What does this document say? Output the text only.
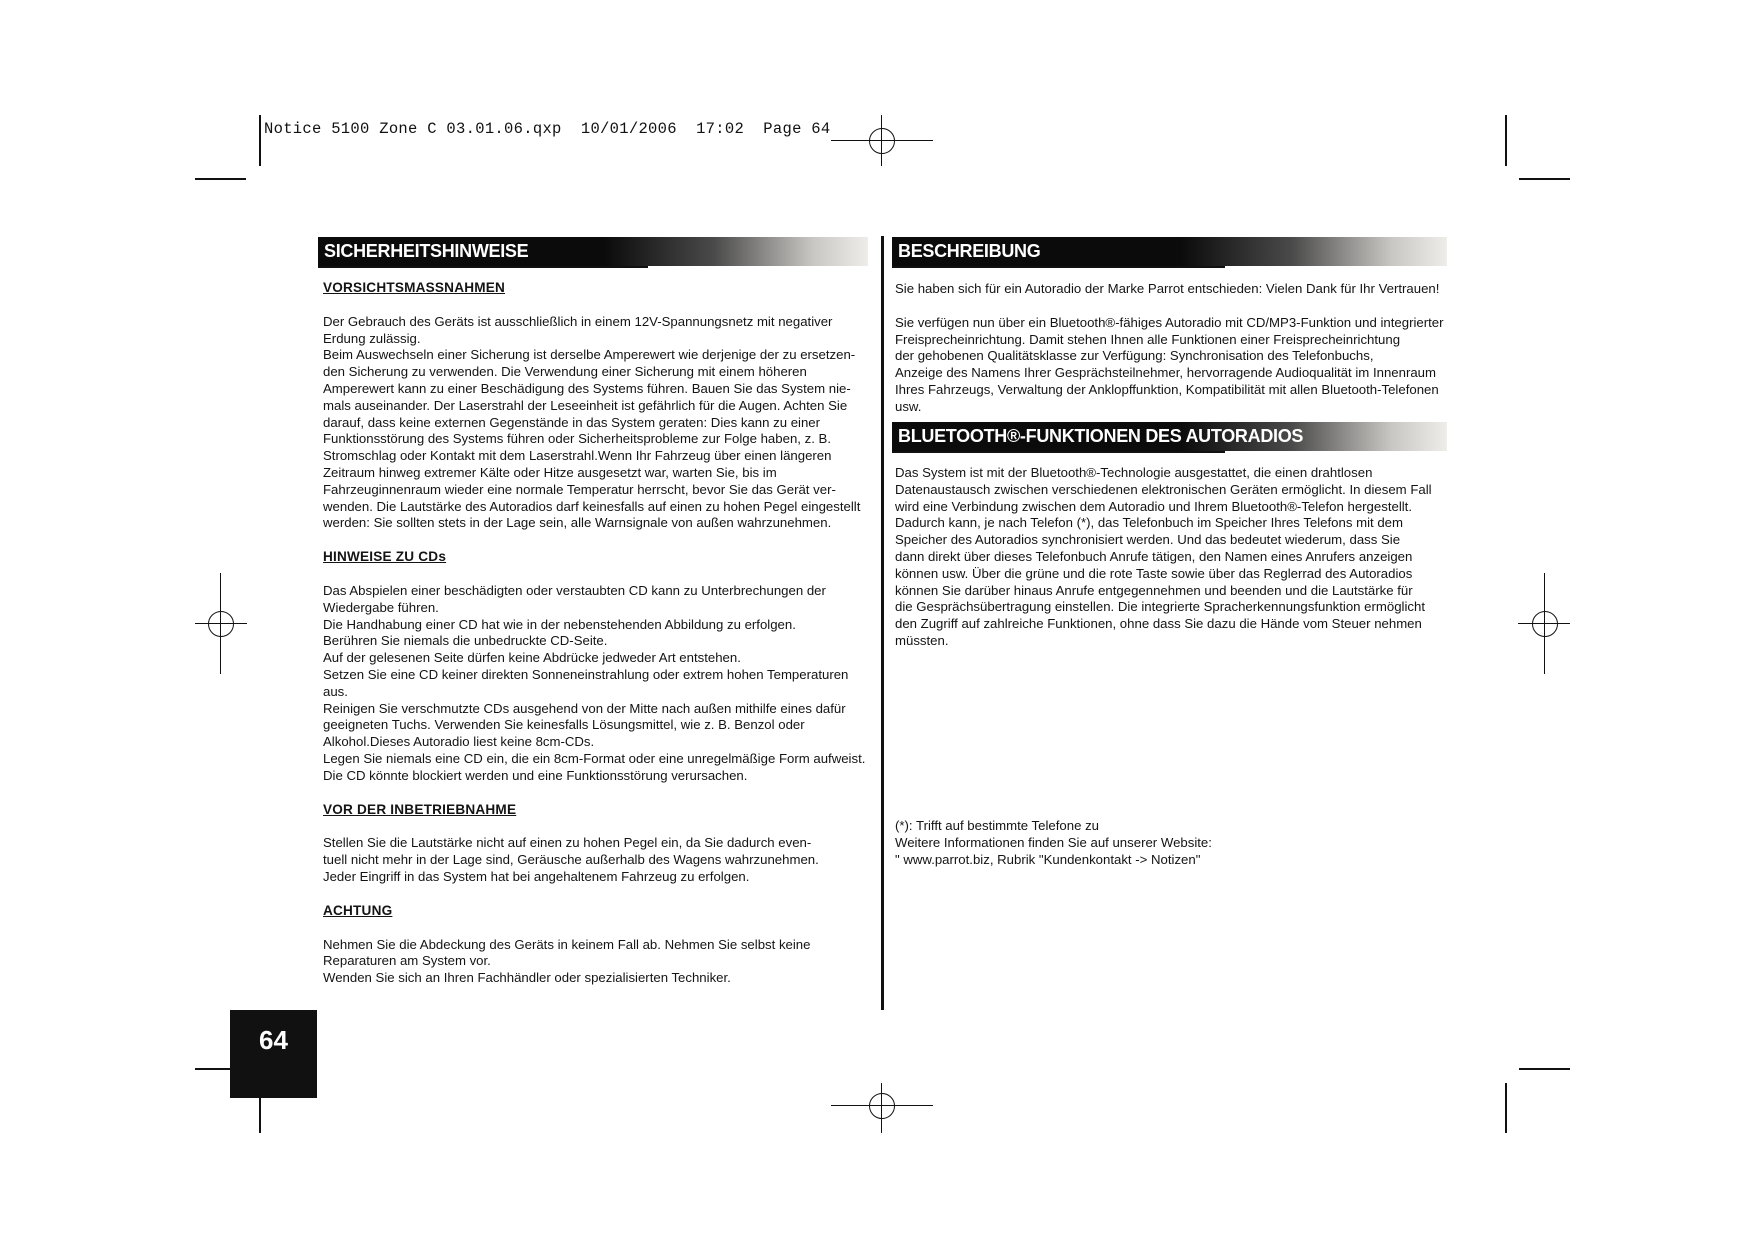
Notice 5100 Zone C 03.01.06.qxp  10/01/2006  17:02  Page 64
SICHERHEITSHINWEISE

VORSICHTSMASSNAHMEN

Der Gebrauch des Geräts ist ausschließlich in einem 12V-Spannungsnetz mit negativer

Erdung zulässig.

Beim Auswechseln einer Sicherung ist derselbe Amperewert wie derjenige der zu ersetzen-

den Sicherung zu verwenden. Die Verwendung einer Sicherung mit einem höheren

Amperewert kann zu einer Beschädigung des Systems führen. Bauen Sie das System nie-

mals auseinander. Der Laserstrahl der Leseeinheit ist gefährlich für die Augen. Achten Sie

darauf, dass keine externen Gegenstände in das System geraten: Dies kann zu einer

Funktionsstörung des Systems führen oder Sicherheitsprobleme zur Folge haben, z. B.

Stromschlag oder Kontakt mit dem Laserstrahl.Wenn Ihr Fahrzeug über einen längeren

Zeitraum hinweg extremer Kälte oder Hitze ausgesetzt war, warten Sie, bis im

Fahrzeuginnenraum wieder eine normale Temperatur herrscht, bevor Sie das Gerät ver-

wenden. Die Lautstärke des Autoradios darf keinesfalls auf einen zu hohen Pegel eingestellt

werden: Sie sollten stets in der Lage sein, alle Warnsignale von außen wahrzunehmen.

HINWEISE ZU CDs

Das Abspielen einer beschädigten oder verstaubten CD kann zu Unterbrechungen der

Wiedergabe führen.

Die Handhabung einer CD hat wie in der nebenstehenden Abbildung zu erfolgen.

Berühren Sie niemals die unbedruckte CD-Seite.

Auf der gelesenen Seite dürfen keine Abdrücke jedweder Art entstehen.

Setzen Sie eine CD keiner direkten Sonneneinstrahlung oder extrem hohen Temperaturen

aus.

Reinigen Sie verschmutzte CDs ausgehend von der Mitte nach außen mithilfe eines dafür

geeigneten Tuchs. Verwenden Sie keinesfalls Lösungsmittel, wie z. B. Benzol oder

Alkohol.Dieses Autoradio liest keine 8cm-CDs.

Legen Sie niemals eine CD ein, die ein 8cm-Format oder eine unregelmäßige Form aufweist.

Die CD könnte blockiert werden und eine Funktionsstörung verursachen.

VOR DER INBETRIEBNAHME

Stellen Sie die Lautstärke nicht auf einen zu hohen Pegel ein, da Sie dadurch even-

tuell nicht mehr in der Lage sind, Geräusche außerhalb des Wagens wahrzunehmen.

Jeder Eingriff in das System hat bei angehaltenem Fahrzeug zu erfolgen.

ACHTUNG

Nehmen Sie die Abdeckung des Geräts in keinem Fall ab. Nehmen Sie selbst keine

Reparaturen am System vor.

Wenden Sie sich an Ihren Fachhändler oder spezialisierten Techniker.

BESCHREIBUNG

Sie haben sich für ein Autoradio der Marke Parrot entschieden: Vielen Dank für Ihr Vertrauen!

Sie verfügen nun über ein Bluetooth®-fähiges Autoradio mit CD/MP3-Funktion und integrierter

Freisprecheinrichtung. Damit stehen Ihnen alle Funktionen einer Freisprecheinrichtung

der gehobenen Qualitätsklasse zur Verfügung: Synchronisation des Telefonbuchs,

Anzeige des Namens Ihrer Gesprächsteilnehmer, hervorragende Audioqualität im Innenraum

Ihres Fahrzeugs, Verwaltung der Anklopffunktion, Kompatibilität mit allen Bluetooth-Telefonen

usw.

BLUETOOTH®-FUNKTIONEN DES AUTORADIOS

Das System ist mit der Bluetooth®-Technologie ausgestattet, die einen drahtlosen

Datenaustausch zwischen verschiedenen elektronischen Geräten ermöglicht. In diesem Fall

wird eine Verbindung zwischen dem Autoradio und Ihrem Bluetooth®-Telefon hergestellt.

Dadurch kann, je nach Telefon (*), das Telefonbuch im Speicher Ihres Telefons mit dem

Speicher des Autoradios synchronisiert werden. Und das bedeutet wiederum, dass Sie

dann direkt über dieses Telefonbuch Anrufe tätigen, den Namen eines Anrufers anzeigen

können usw. Über die grüne und die rote Taste sowie über das Reglerrad des Autoradios

können Sie darüber hinaus Anrufe entgegennehmen und beenden und die Lautstärke für

die Gesprächsübertragung einstellen. Die integrierte Spracherkennungsfunktion ermöglicht

den Zugriff auf zahlreiche Funktionen, ohne dass Sie dazu die Hände vom Steuer nehmen

müssten.

(*): Trifft auf bestimmte Telefone zu

Weitere Informationen finden Sie auf unserer Website:

" www.parrot.biz, Rubrik "Kundenkontakt -> Notizen"

64
